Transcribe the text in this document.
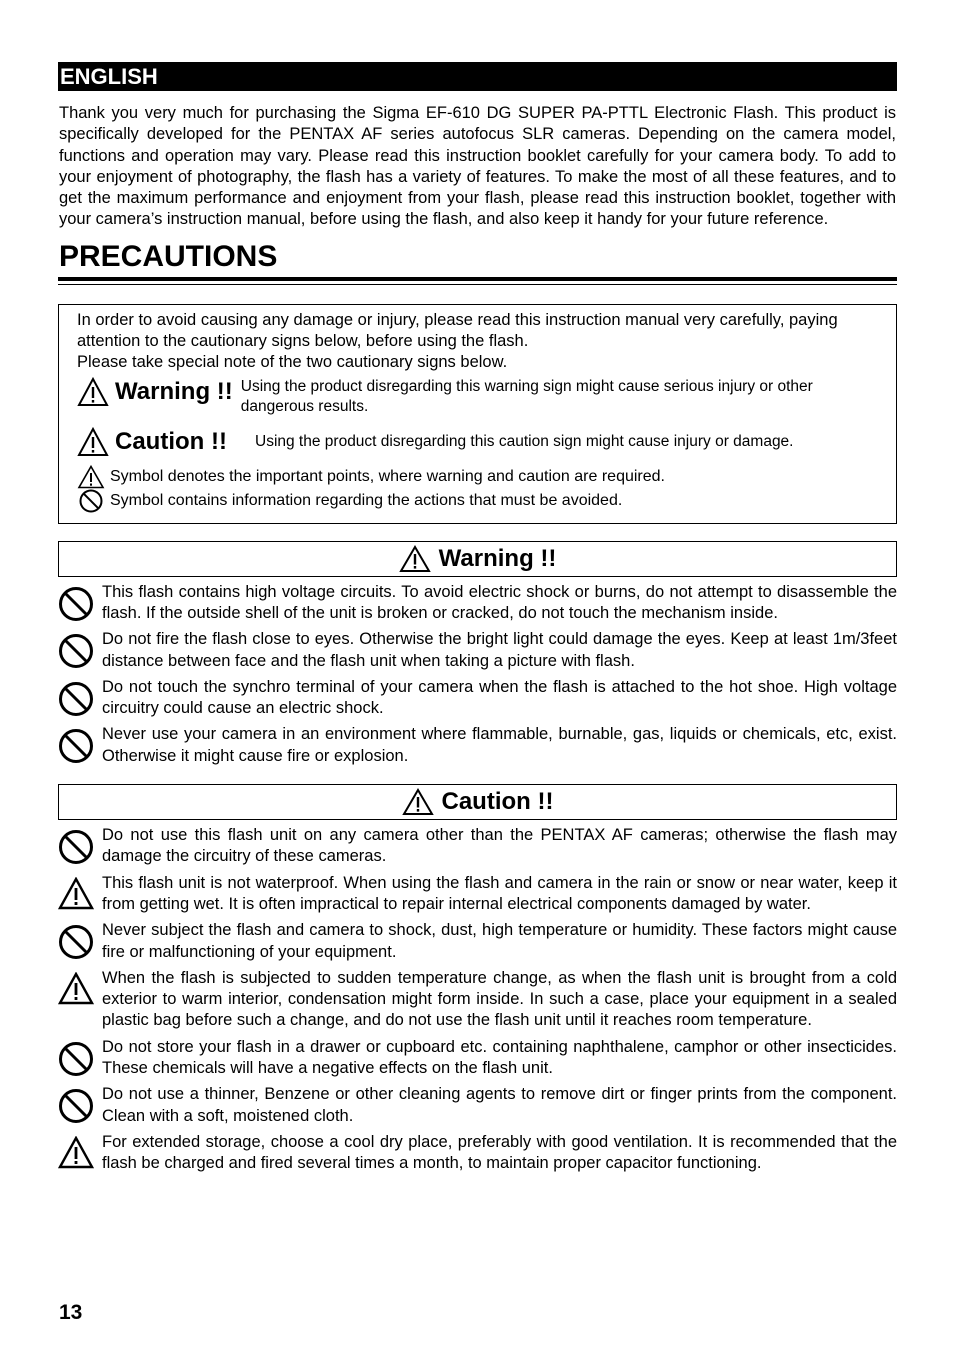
ENGLISH
Thank you very much for purchasing the Sigma EF-610 DG SUPER PA-PTTL Electronic Flash. This product is specifically developed for the PENTAX AF series autofocus SLR cameras. Depending on the camera model, functions and operation may vary. Please read this instruction booklet carefully for your camera body. To add to your enjoyment of photography, the flash has a variety of features. To make the most of all these features, and to get the maximum performance and enjoyment from your flash, please read this instruction booklet, together with your camera’s instruction manual, before using the flash, and also keep it handy for your future reference.
PRECAUTIONS
In order to avoid causing any damage or injury, please read this instruction manual very carefully, paying attention to the cautionary signs below, before using the flash.
Please take special note of the two cautionary signs below.
Warning !! Using the product disregarding this warning sign might cause serious injury or other dangerous results.
Caution !! Using the product disregarding this caution sign might cause injury or damage.
Symbol denotes the important points, where warning and caution are required.
Symbol contains information regarding the actions that must be avoided.
Warning !!
This flash contains high voltage circuits. To avoid electric shock or burns, do not attempt to disassemble the flash. If the outside shell of the unit is broken or cracked, do not touch the mechanism inside.
Do not fire the flash close to eyes. Otherwise the bright light could damage the eyes. Keep at least 1m/3feet distance between face and the flash unit when taking a picture with flash.
Do not touch the synchro terminal of your camera when the flash is attached to the hot shoe. High voltage circuitry could cause an electric shock.
Never use your camera in an environment where flammable, burnable, gas, liquids or chemicals, etc, exist. Otherwise it might cause fire or explosion.
Caution !!
Do not use this flash unit on any camera other than the PENTAX AF cameras; otherwise the flash may damage the circuitry of these cameras.
This flash unit is not waterproof. When using the flash and camera in the rain or snow or near water, keep it from getting wet. It is often impractical to repair internal electrical components damaged by water.
Never subject the flash and camera to shock, dust, high temperature or humidity. These factors might cause fire or malfunctioning of your equipment.
When the flash is subjected to sudden temperature change, as when the flash unit is brought from a cold exterior to warm interior, condensation might form inside. In such a case, place your equipment in a sealed plastic bag before such a change, and do not use the flash unit until it reaches room temperature.
Do not store your flash in a drawer or cupboard etc. containing naphthalene, camphor or other insecticides. These chemicals will have a negative effects on the flash unit.
Do not use a thinner, Benzene or other cleaning agents to remove dirt or finger prints from the component. Clean with a soft, moistened cloth.
For extended storage, choose a cool dry place, preferably with good ventilation. It is recommended that the flash be charged and fired several times a month, to maintain proper capacitor functioning.
13
